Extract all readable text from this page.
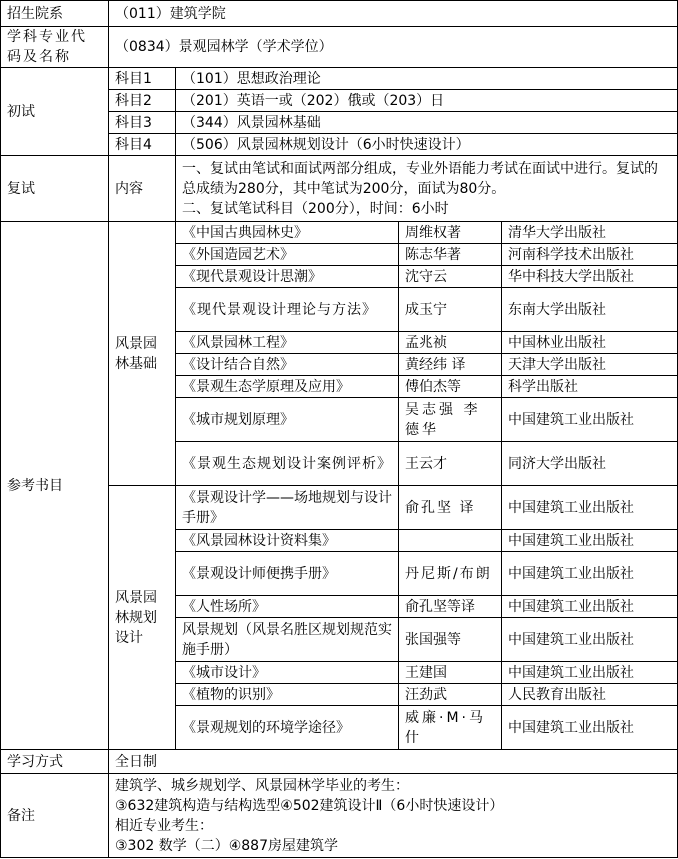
招生院系	（011）建筑学院			
学科专业代码及名称	（0834）景观园林学（学术学位）			
初试	科目1	（101）思想政治理论		
	科目2	（201）英语一或（202）俄或（203）日		
	科目3	（344）风景园林基础		
	科目4	（506）风景园林规划设计（6小时快速设计）		
复试	内容	一、复试由笔试和面试两部分组成，专业外语能力考试在面试中进行。复试的总成绩为280分，其中笔试为200分，面试为80分。
二、复试笔试科目（200分），时间：6小时		

参考书目	风景园林基础	《中国古典园林史》	周维权著	清华大学出版社
		《外国造园艺术》	陈志华著	河南科学技术出版社
		《现代景观设计思潮》	沈守云	华中科技大学出版社
		《现代景观设计理论与方法》	成玉宁	东南大学出版社
		《风景园林工程》	孟兆祯	中国林业出版社
		《设计结合自然》	黄经纬 译	天津大学出版社
		《景观生态学原理及应用》	傅伯杰等	科学出版社
		《城市规划原理》	吴志强 李德华	中国建筑工业出版社
		《景观生态规划设计案例评析》	王云才	同济大学出版社
	风景园林规划设计	《景观设计学——场地规划与设计手册》	俞孔坚 译	中国建筑工业出版社
		《风景园林设计资料集》		中国建筑工业出版社
		《景观设计师便携手册》	丹尼斯/布朗	中国建筑工业出版社
		《人性场所》	俞孔坚等译	中国建筑工业出版社
		风景规划（风景名胜区规划规范实施手册）	张国强等	中国建筑工业出版社
		《城市设计》	王建国	中国建筑工业出版社
		《植物的识别》	汪劲武	人民教育出版社
		《景观规划的环境学途径》	威廉·M·马什	中国建筑工业出版社
学习方式	全日制			
备注	建筑学、城乡规划学、风景园林学毕业的考生：
③632建筑构造与结构选型④502建筑设计Ⅱ（6小时快速设计）
相近专业考生：
③302 数学（二）④887房屋建筑学			
